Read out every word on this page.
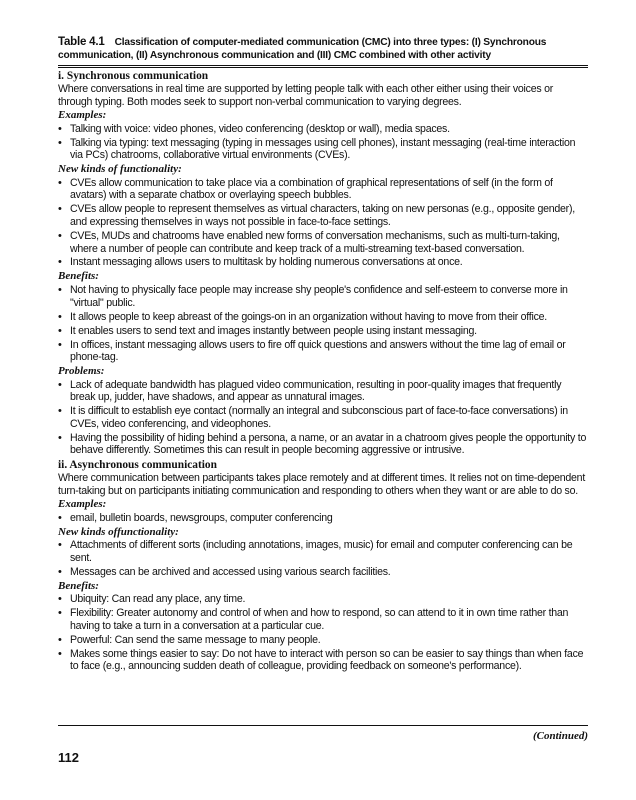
Table 4.1 Classification of computer-mediated communication (CMC) into three types: (I) Synchronous
communication, (II) Asynchronous communication and (III) CMC combined with other activity
i. Synchronous communication
Where conversations in real time are supported by letting people talk with each other either using their voices or through typing. Both modes seek to support non-verbal communication to varying degrees.
Examples:
• Talking with voice: video phones, video conferencing (desktop or wall), media spaces.
• Talking via typing: text messaging (typing in messages using cell phones), instant messaging (real-time interaction via PCs) chatrooms, collaborative virtual environments (CVEs).
New kinds of functionality:
• CVEs allow communication to take place via a combination of graphical representations of self (in the form of avatars) with a separate chatbox or overlaying speech bubbles.
• CVEs allow people to represent themselves as virtual characters, taking on new personas (e.g., opposite gender), and expressing themselves in ways not possible in face-to-face settings.
• CVEs, MUDs and chatrooms have enabled new forms of conversation mechanisms, such as multi-turn-taking, where a number of people can contribute and keep track of a multi-streaming text-based conversation.
• Instant messaging allows users to multitask by holding numerous conversations at once.
Benefits:
• Not having to physically face people may increase shy people's confidence and self-esteem to converse more in "virtual" public.
• It allows people to keep abreast of the goings-on in an organization without having to move from their office.
• It enables users to send text and images instantly between people using instant messaging.
• In offices, instant messaging allows users to fire off quick questions and answers without the time lag of email or phone-tag.
Problems:
• Lack of adequate bandwidth has plagued video communication, resulting in poor-quality images that frequently break up, judder, have shadows, and appear as unnatural images.
• It is difficult to establish eye contact (normally an integral and subconscious part of face-to-face conversations) in CVEs, video conferencing, and videophones.
• Having the possibility of hiding behind a persona, a name, or an avatar in a chatroom gives people the opportunity to behave differently. Sometimes this can result in people becoming aggressive or intrusive.
ii. Asynchronous communication
Where communication between participants takes place remotely and at different times. It relies not on time-dependent turn-taking but on participants initiating communication and responding to others when they want or are able to do so.
Examples:
• email, bulletin boards, newsgroups, computer conferencing
New kinds offunctionality:
• Attachments of different sorts (including annotations, images, music) for email and computer conferencing can be sent.
• Messages can be archived and accessed using various search facilities.
Benefits:
• Ubiquity: Can read any place, any time.
• Flexibility: Greater autonomy and control of when and how to respond, so can attend to it in own time rather than having to take a turn in a conversation at a particular cue.
• Powerful: Can send the same message to many people.
• Makes some things easier to say: Do not have to interact with person so can be easier to say things than when face to face (e.g., announcing sudden death of colleague, providing feedback on someone's performance).
(Continued)
112
